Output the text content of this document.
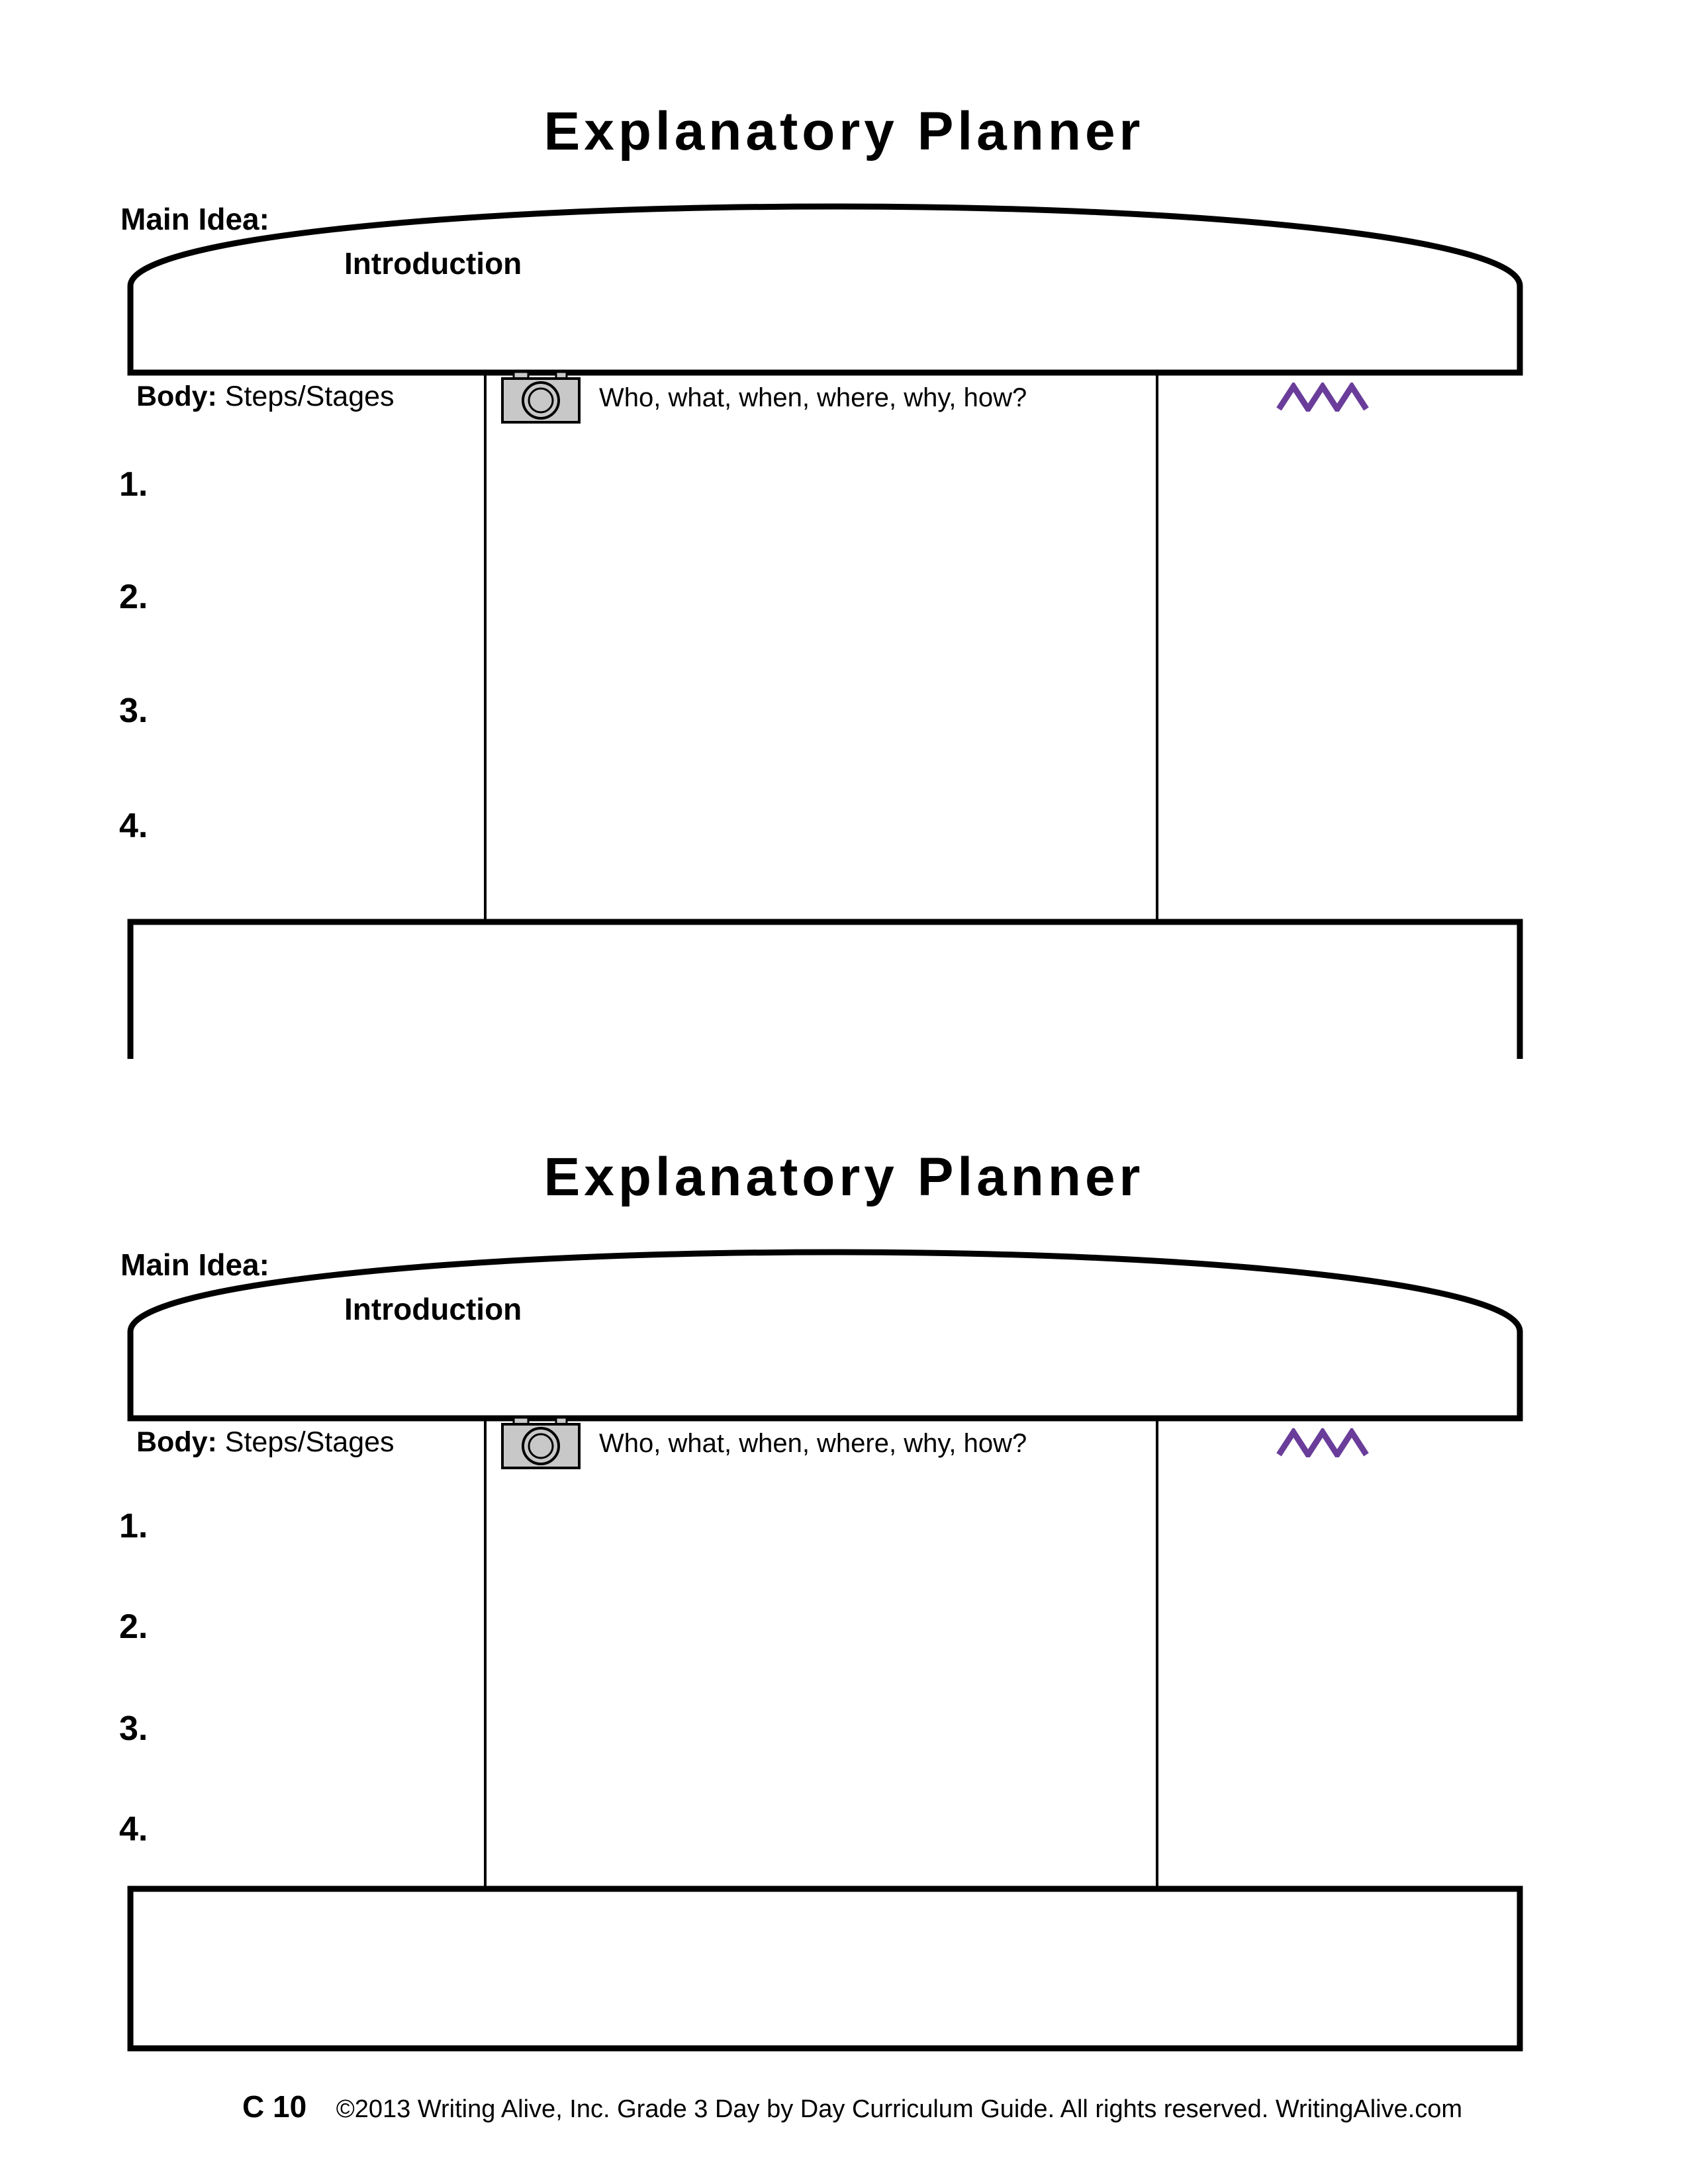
Explanatory Planner
Main Idea:
Introduction
Body: Steps/Stages	Who, what, when, where, why, how?
1.
2.
3.
4.
Explanatory Planner
Main Idea:
Introduction
Body: Steps/Stages	Who, what, when, where, why, how?
1.
2.
3.
4.
C 10 ©2013 Writing Alive, Inc. Grade 3 Day by Day Curriculum Guide. All rights reserved. WritingAlive.com
